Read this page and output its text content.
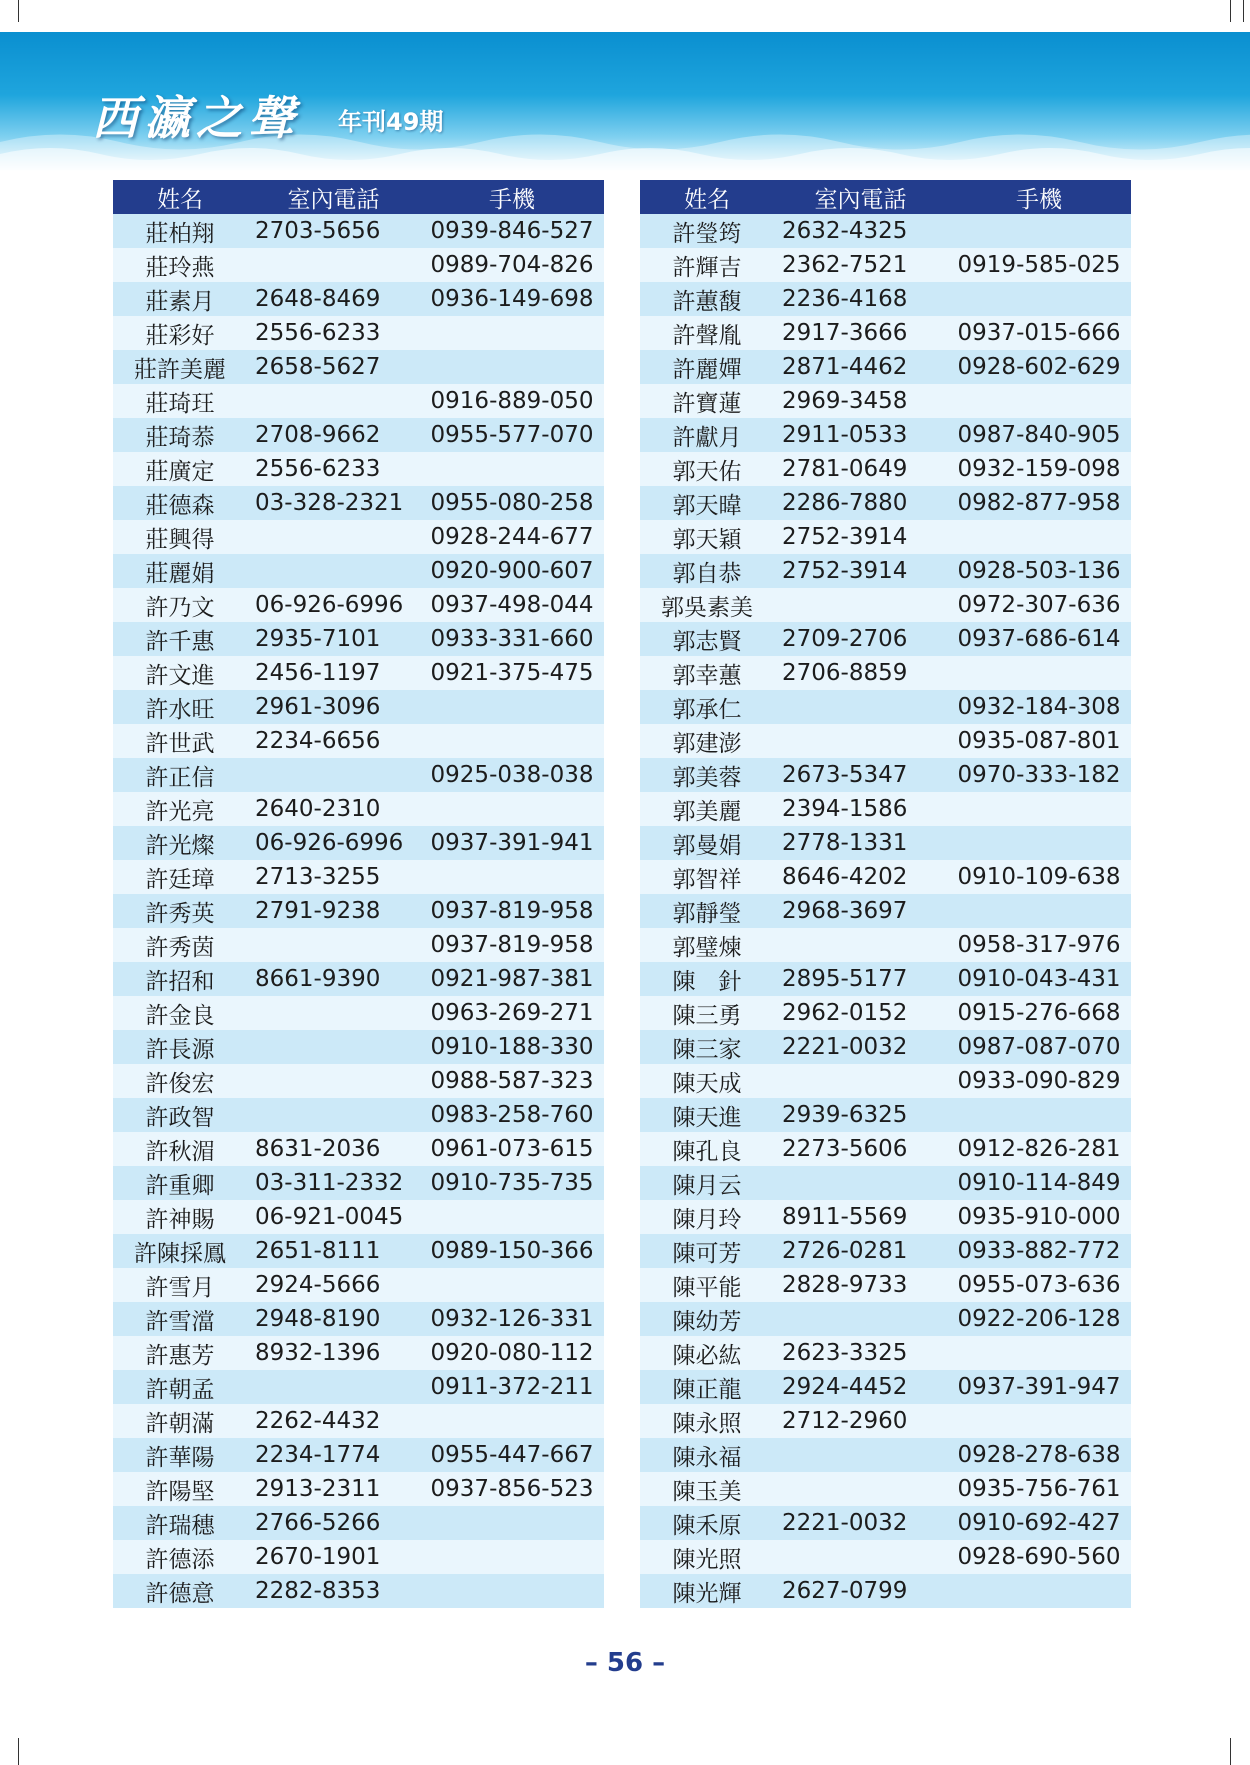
西瀛之聲 年刊49期
姓名	室內電話	手機
莊柏翔	2703-5656	0939-846-527
莊玲燕		0989-704-826
莊素月	2648-8469	0936-149-698
莊彩好	2556-6233	
莊許美麗	2658-5627	
莊琦玨		0916-889-050
莊琦菾	2708-9662	0955-577-070
莊廣定	2556-6233	
莊德森	03-328-2321	0955-080-258
莊興得		0928-244-677
莊麗娟		0920-900-607
許乃文	06-926-6996	0937-498-044
許千惠	2935-7101	0933-331-660
許文進	2456-1197	0921-375-475
許水旺	2961-3096	
許世武	2234-6656	
許正信		0925-038-038
許光亮	2640-2310	
許光燦	06-926-6996	0937-391-941
許廷璋	2713-3255	
許秀英	2791-9238	0937-819-958
許秀茵		0937-819-958
許招和	8661-9390	0921-987-381
許金良		0963-269-271
許長源		0910-188-330
許俊宏		0988-587-323
許政智		0983-258-760
許秋湄	8631-2036	0961-073-615
許重卿	03-311-2332	0910-735-735
許神賜	06-921-0045	
許陳採鳳	2651-8111	0989-150-366
許雪月	2924-5666	
許雪澢	2948-8190	0932-126-331
許惠芳	8932-1396	0920-080-112
許朝孟		0911-372-211
許朝滿	2262-4432	
許華陽	2234-1774	0955-447-667
許陽堅	2913-2311	0937-856-523
許瑞穗	2766-5266	
許德添	2670-1901	
許德意	2282-8353	
姓名	室內電話	手機
許瑩筠	2632-4325	
許輝吉	2362-7521	0919-585-025
許蕙馥	2236-4168	
許聲胤	2917-3666	0937-015-666
許麗嬋	2871-4462	0928-602-629
許寶蓮	2969-3458	
許獻月	2911-0533	0987-840-905
郭天佑	2781-0649	0932-159-098
郭天暐	2286-7880	0982-877-958
郭天穎	2752-3914	
郭自恭	2752-3914	0928-503-136
郭吳素美		0972-307-636
郭志賢	2709-2706	0937-686-614
郭幸蕙	2706-8859	
郭承仁		0932-184-308
郭建澎		0935-087-801
郭美蓉	2673-5347	0970-333-182
郭美麗	2394-1586	
郭曼娟	2778-1331	
郭智祥	8646-4202	0910-109-638
郭靜瑩	2968-3697	
郭璧煉		0958-317-976
陳　針	2895-5177	0910-043-431
陳三勇	2962-0152	0915-276-668
陳三家	2221-0032	0987-087-070
陳天成		0933-090-829
陳天進	2939-6325	
陳孔良	2273-5606	0912-826-281
陳月云		0910-114-849
陳月玲	8911-5569	0935-910-000
陳可芳	2726-0281	0933-882-772
陳平能	2828-9733	0955-073-636
陳幼芳		0922-206-128
陳必紘	2623-3325	
陳正龍	2924-4452	0937-391-947
陳永照	2712-2960	
陳永福		0928-278-638
陳玉美		0935-756-761
陳禾原	2221-0032	0910-692-427
陳光照		0928-690-560
陳光輝	2627-0799	
– 56 –
